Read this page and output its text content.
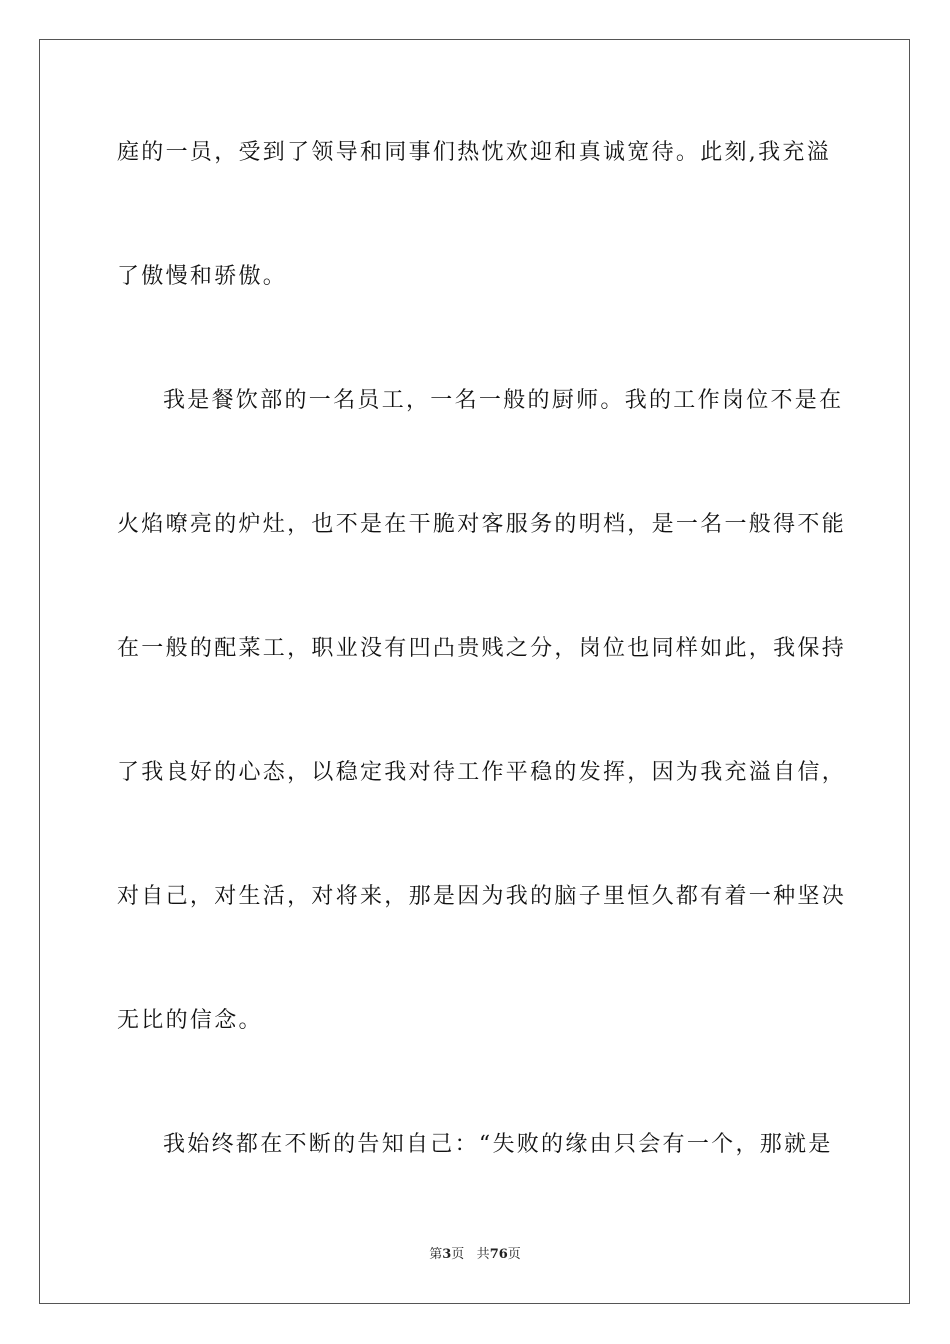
庭的一员，受到了领导和同事们热忱欢迎和真诚宽待。此刻,我充溢
了傲慢和骄傲。
我是餐饮部的一名员工，一名一般的厨师。我的工作岗位不是在
火焰嘹亮的炉灶，也不是在干脆对客服务的明档，是一名一般得不能
在一般的配菜工，职业没有凹凸贵贱之分，岗位也同样如此，我保持
了我良好的心态，以稳定我对待工作平稳的发挥，因为我充溢自信，
对自己，对生活，对将来，那是因为我的脑子里恒久都有着一种坚决
无比的信念。
我始终都在不断的告知自己：“失败的缘由只会有一个，那就是
第3页 共76页
